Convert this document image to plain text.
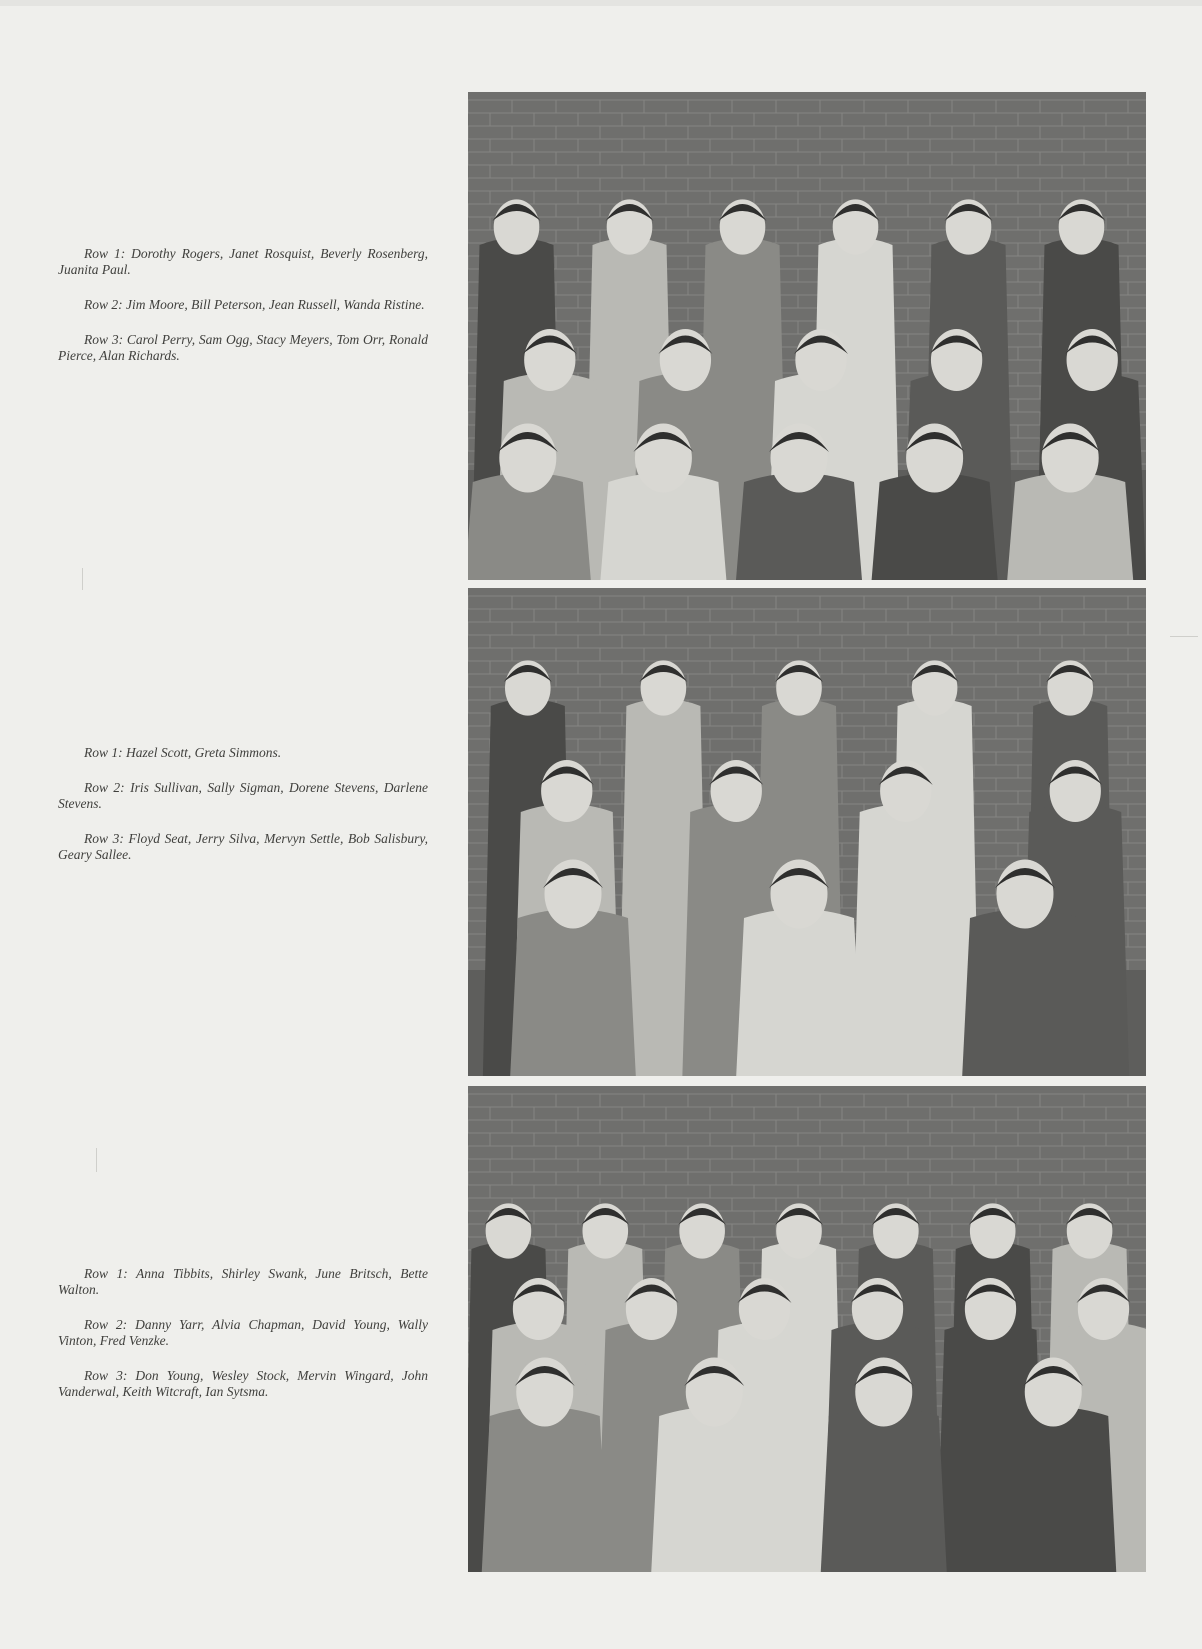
Row 1: Dorothy Rogers, Janet Rosquist, Beverly Rosenberg, Juanita Paul.

Row 2: Jim Moore, Bill Peterson, Jean Russell, Wanda Ristine.

Row 3: Carol Perry, Sam Ogg, Stacy Meyers, Tom Orr, Ronald Pierce, Alan Richards.

Row 1: Hazel Scott, Greta Simmons.

Row 2: Iris Sullivan, Sally Sigman, Dorene Stevens, Darlene Stevens.

Row 3: Floyd Seat, Jerry Silva, Mervyn Settle, Bob Salisbury, Geary Sallee.

Row 1: Anna Tibbits, Shirley Swank, June Britsch, Bette Walton.

Row 2: Danny Yarr, Alvia Chapman, David Young, Wally Vinton, Fred Venzke.

Row 3: Don Young, Wesley Stock, Mervin Wingard, John Vanderwal, Keith Witcraft, Ian Sytsma.
